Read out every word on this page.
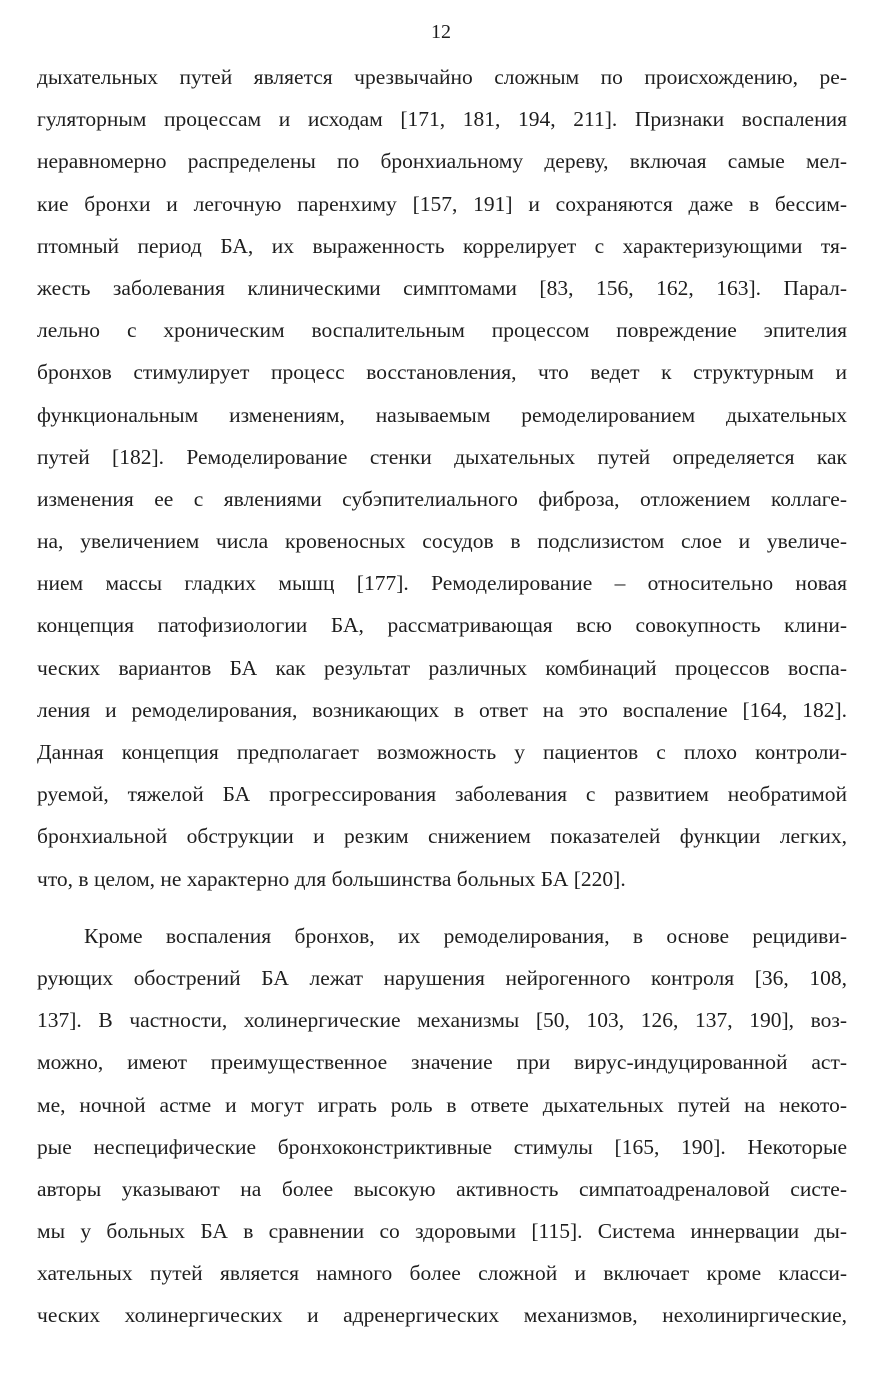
12
дыхательных путей является чрезвычайно сложным по происхождению, ре-
гуляторным процессам и исходам [171, 181, 194, 211]. Признаки воспаления
неравномерно распределены по бронхиальному дереву, включая самые мел-
кие бронхи и легочную паренхиму [157, 191] и сохраняются даже в бессим-
птомный период БА, их выраженность коррелирует с характеризующими тя-
жесть заболевания клиническими симптомами [83, 156, 162, 163]. Парал-
лельно с хроническим воспалительным процессом повреждение эпителия
бронхов стимулирует процесс восстановления, что ведет к структурным и
функциональным изменениям, называемым ремоделированием дыхательных
путей [182]. Ремоделирование стенки дыхательных путей определяется как
изменения ее с явлениями субэпителиального фиброза, отложением коллаге-
на, увеличением числа кровеносных сосудов в подслизистом слое и увеличе-
нием массы гладких мышц [177]. Ремоделирование – относительно новая
концепция патофизиологии БА, рассматривающая всю совокупность клини-
ческих вариантов БА как результат различных комбинаций процессов воспа-
ления и ремоделирования, возникающих в ответ на это воспаление [164, 182].
Данная концепция предполагает возможность у пациентов с плохо контроли-
руемой, тяжелой БА прогрессирования заболевания с развитием необратимой
бронхиальной обструкции и резким снижением показателей функции легких,
что, в целом, не характерно для большинства больных БА [220].
Кроме воспаления бронхов, их ремоделирования, в основе рецидиви-
рующих обострений БА лежат нарушения нейрогенного контроля [36, 108,
137]. В частности, холинергические механизмы [50, 103, 126, 137, 190], воз-
можно, имеют преимущественное значение при вирус-индуцированной аст-
ме, ночной астме и могут играть роль в ответе дыхательных путей на некото-
рые неспецифические бронхоконстриктивные стимулы [165, 190]. Некоторые
авторы указывают на более высокую активность симпатоадреналовой систе-
мы у больных БА в сравнении со здоровыми [115]. Система иннервации ды-
хательных путей является намного более сложной и включает кроме класси-
ческих холинергических и адренергических механизмов, нехолиниргические,
